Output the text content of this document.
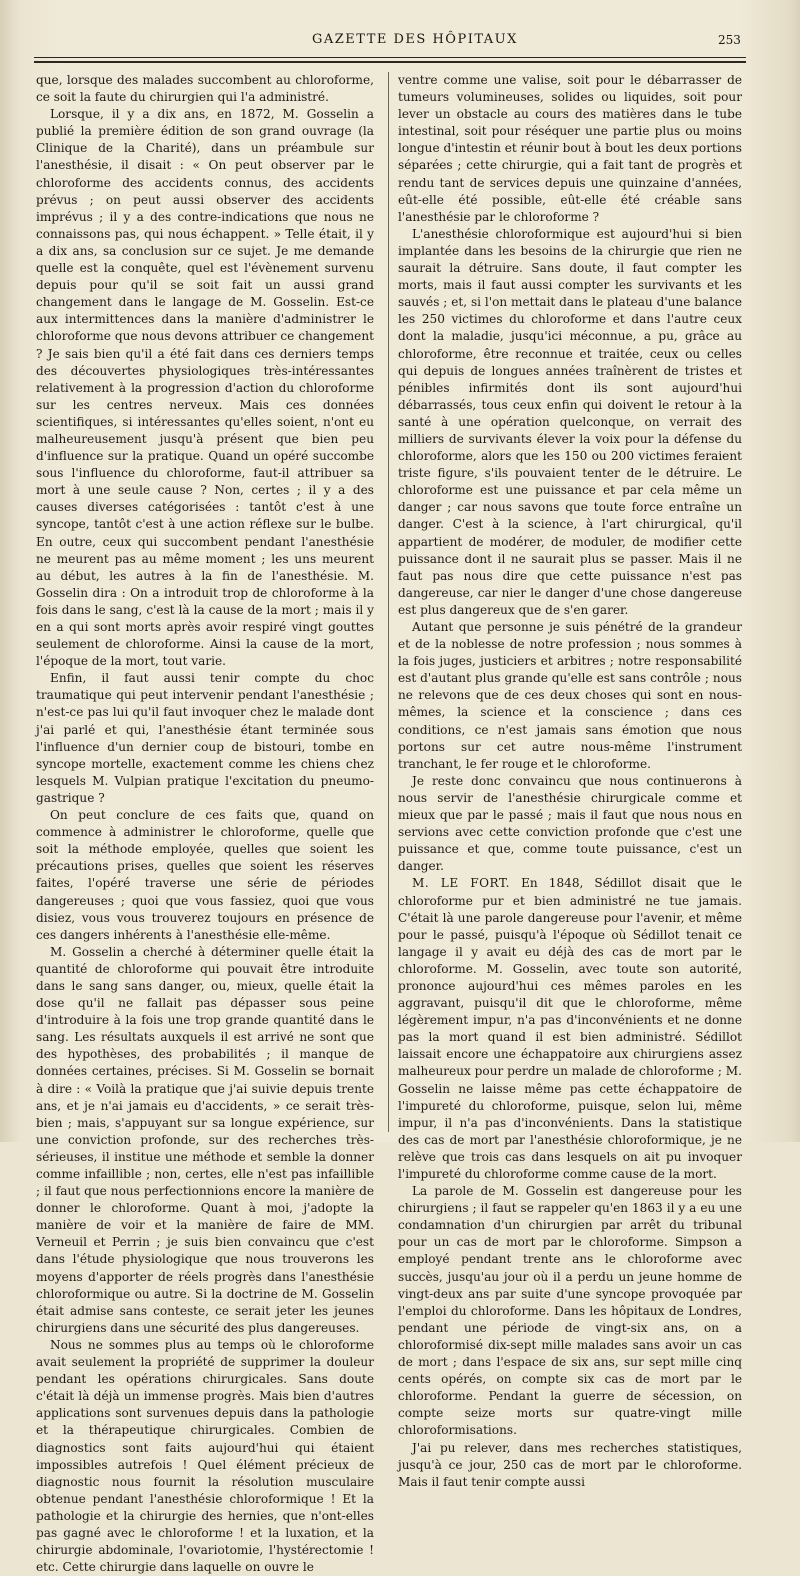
GAZETTE DES HÔPITAUX	253

que, lorsque des malades succombent au chloroforme, ce soit la faute du chirurgien qui l'a administré.

Lorsque, il y a dix ans, en 1872, M. Gosselin a publié la première édition de son grand ouvrage (la Clinique de la Charité), dans un préambule sur l'anesthésie, il disait : « On peut observer par le chloroforme des accidents connus, des accidents prévus ; on peut aussi observer des accidents imprévus ; il y a des contre-indications que nous ne connaissons pas, qui nous échappent. » Telle était, il y a dix ans, sa conclusion sur ce sujet. Je me demande quelle est la conquête, quel est l'évènement survenu depuis pour qu'il se soit fait un aussi grand changement dans le langage de M. Gosselin. Est-ce aux intermittences dans la manière d'administrer le chloroforme que nous devons attribuer ce changement ? Je sais bien qu'il a été fait dans ces derniers temps des découvertes physiologiques très-intéressantes relativement à la progression d'action du chloroforme sur les centres nerveux. Mais ces données scientifiques, si intéressantes qu'elles soient, n'ont eu malheureusement jusqu'à présent que bien peu d'influence sur la pratique. Quand un opéré succombe sous l'influence du chloroforme, faut-il attribuer sa mort à une seule cause ? Non, certes ; il y a des causes diverses catégorisées : tantôt c'est à une syncope, tantôt c'est à une action réflexe sur le bulbe. En outre, ceux qui succombent pendant l'anesthésie ne meurent pas au même moment ; les uns meurent au début, les autres à la fin de l'anesthésie. M. Gosselin dira : On a introduit trop de chloroforme à la fois dans le sang, c'est là la cause de la mort ; mais il y en a qui sont morts après avoir respiré vingt gouttes seulement de chloroforme. Ainsi la cause de la mort, l'époque de la mort, tout varie.

Enfin, il faut aussi tenir compte du choc traumatique qui peut intervenir pendant l'anesthésie ; n'est-ce pas lui qu'il faut invoquer chez le malade dont j'ai parlé et qui, l'anesthésie étant terminée sous l'influence d'un dernier coup de bistouri, tombe en syncope mortelle, exactement comme les chiens chez lesquels M. Vulpian pratique l'excitation du pneumo-gastrique ?

On peut conclure de ces faits que, quand on commence à administrer le chloroforme, quelle que soit la méthode employée, quelles que soient les précautions prises, quelles que soient les réserves faites, l'opéré traverse une série de périodes dangereuses ; quoi que vous fassiez, quoi que vous disiez, vous vous trouverez toujours en présence de ces dangers inhérents à l'anesthésie elle-même.

M. Gosselin a cherché à déterminer quelle était la quantité de chloroforme qui pouvait être introduite dans le sang sans danger, ou, mieux, quelle était la dose qu'il ne fallait pas dépasser sous peine d'introduire à la fois une trop grande quantité dans le sang. Les résultats auxquels il est arrivé ne sont que des hypothèses, des probabilités ; il manque de données certaines, précises. Si M. Gosselin se bornait à dire : « Voilà la pratique que j'ai suivie depuis trente ans, et je n'ai jamais eu d'accidents, » ce serait très-bien ; mais, s'appuyant sur sa longue expérience, sur une conviction profonde, sur des recherches très-sérieuses, il institue une méthode et semble la donner comme infaillible ; non, certes, elle n'est pas infaillible ; il faut que nous perfectionnions encore la manière de donner le chloroforme. Quant à moi, j'adopte la manière de voir et la manière de faire de MM. Verneuil et Perrin ; je suis bien convaincu que c'est dans l'étude physiologique que nous trouverons les moyens d'apporter de réels progrès dans l'anesthésie chloroformique ou autre. Si la doctrine de M. Gosselin était admise sans conteste, ce serait jeter les jeunes chirurgiens dans une sécurité des plus dangereuses.

Nous ne sommes plus au temps où le chloroforme avait seulement la propriété de supprimer la douleur pendant les opérations chirurgicales. Sans doute c'était là déjà un immense progrès. Mais bien d'autres applications sont survenues depuis dans la pathologie et la thérapeutique chirurgicales. Combien de diagnostics sont faits aujourd'hui qui étaient impossibles autrefois ! Quel élément précieux de diagnostic nous fournit la résolution musculaire obtenue pendant l'anesthésie chloroformique ! Et la pathologie et la chirurgie des hernies, que n'ont-elles pas gagné avec le chloroforme ! et la luxation, et la chirurgie abdominale, l'ovariotomie, l'hystérectomie ! etc. Cette chirurgie dans laquelle on ouvre le

ventre comme une valise, soit pour le débarrasser de tumeurs volumineuses, solides ou liquides, soit pour lever un obstacle au cours des matières dans le tube intestinal, soit pour réséquer une partie plus ou moins longue d'intestin et réunir bout à bout les deux portions séparées ; cette chirurgie, qui a fait tant de progrès et rendu tant de services depuis une quinzaine d'années, eût-elle été possible, eût-elle été créable sans l'anesthésie par le chloroforme ?

L'anesthésie chloroformique est aujourd'hui si bien implantée dans les besoins de la chirurgie que rien ne saurait la détruire. Sans doute, il faut compter les morts, mais il faut aussi compter les survivants et les sauvés ; et, si l'on mettait dans le plateau d'une balance les 250 victimes du chloroforme et dans l'autre ceux dont la maladie, jusqu'ici méconnue, a pu, grâce au chloroforme, être reconnue et traitée, ceux ou celles qui depuis de longues années traînèrent de tristes et pénibles infirmités dont ils sont aujourd'hui débarrassés, tous ceux enfin qui doivent le retour à la santé à une opération quelconque, on verrait des milliers de survivants élever la voix pour la défense du chloroforme, alors que les 150 ou 200 victimes feraient triste figure, s'ils pouvaient tenter de le détruire. Le chloroforme est une puissance et par cela même un danger ; car nous savons que toute force entraîne un danger. C'est à la science, à l'art chirurgical, qu'il appartient de modérer, de moduler, de modifier cette puissance dont il ne saurait plus se passer. Mais il ne faut pas nous dire que cette puissance n'est pas dangereuse, car nier le danger d'une chose dangereuse est plus dangereux que de s'en garer.

Autant que personne je suis pénétré de la grandeur et de la noblesse de notre profession ; nous sommes à la fois juges, justiciers et arbitres ; notre responsabilité est d'autant plus grande qu'elle est sans contrôle ; nous ne relevons que de ces deux choses qui sont en nous-mêmes, la science et la conscience ; dans ces conditions, ce n'est jamais sans émotion que nous portons sur cet autre nous-même l'instrument tranchant, le fer rouge et le chloroforme.

Je reste donc convaincu que nous continuerons à nous servir de l'anesthésie chirurgicale comme et mieux que par le passé ; mais il faut que nous nous en servions avec cette conviction profonde que c'est une puissance et que, comme toute puissance, c'est un danger.

M. LE FORT. En 1848, Sédillot disait que le chloroforme pur et bien administré ne tue jamais. C'était là une parole dangereuse pour l'avenir, et même pour le passé, puisqu'à l'époque où Sédillot tenait ce langage il y avait eu déjà des cas de mort par le chloroforme. M. Gosselin, avec toute son autorité, prononce aujourd'hui ces mêmes paroles en les aggravant, puisqu'il dit que le chloroforme, même légèrement impur, n'a pas d'inconvénients et ne donne pas la mort quand il est bien administré. Sédillot laissait encore une échappatoire aux chirurgiens assez malheureux pour perdre un malade de chloroforme ; M. Gosselin ne laisse même pas cette échappatoire de l'impureté du chloroforme, puisque, selon lui, même impur, il n'a pas d'inconvénients. Dans la statistique des cas de mort par l'anesthésie chloroformique, je ne relève que trois cas dans lesquels on ait pu invoquer l'impureté du chloroforme comme cause de la mort.

La parole de M. Gosselin est dangereuse pour les chirurgiens ; il faut se rappeler qu'en 1863 il y a eu une condamnation d'un chirurgien par arrêt du tribunal pour un cas de mort par le chloroforme. Simpson a employé pendant trente ans le chloroforme avec succès, jusqu'au jour où il a perdu un jeune homme de vingt-deux ans par suite d'une syncope provoquée par l'emploi du chloroforme. Dans les hôpitaux de Londres, pendant une période de vingt-six ans, on a chloroformisé dix-sept mille malades sans avoir un cas de mort ; dans l'espace de six ans, sur sept mille cinq cents opérés, on compte six cas de mort par le chloroforme. Pendant la guerre de sécession, on compte seize morts sur quatre-vingt mille chloroformisations.

J'ai pu relever, dans mes recherches statistiques, jusqu'à ce jour, 250 cas de mort par le chloroforme. Mais il faut tenir compte aussi
